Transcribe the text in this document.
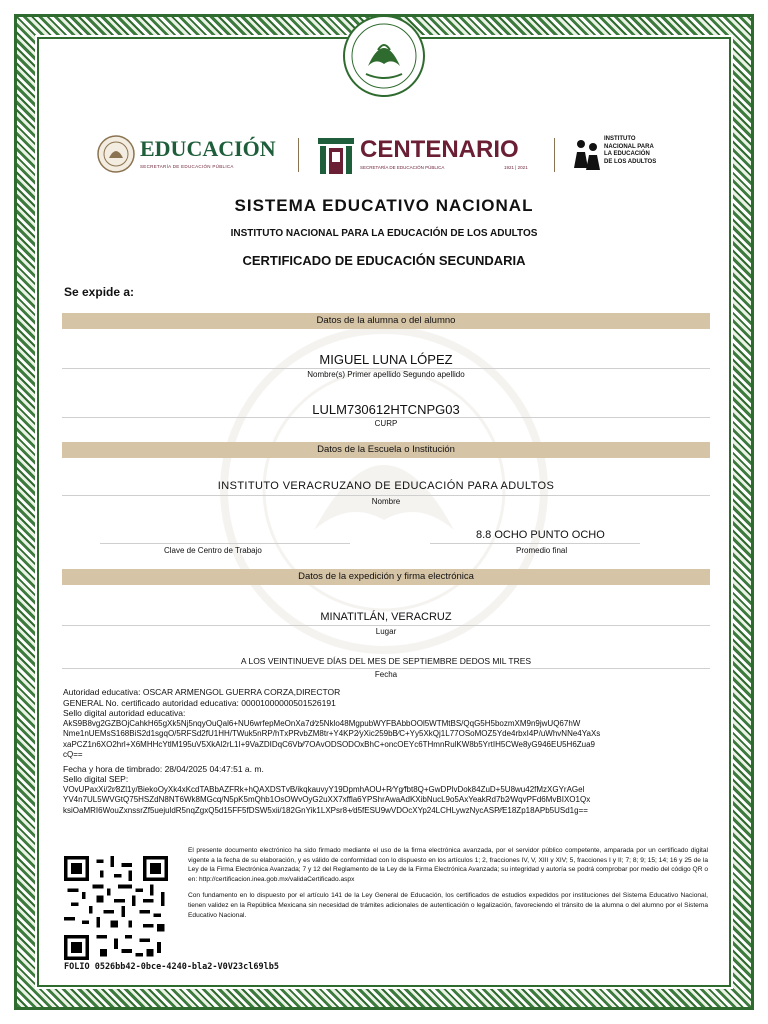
EDUCACIÓN
SECRETARÍA DE EDUCACIÓN PÚBLICA
CENTENARIO
SECRETARÍA DE EDUCACIÓN PÚBLICA	1921 | 2021
INSTITUTO
NACIONAL PARA
LA EDUCACIÓN
DE LOS ADULTOS
SISTEMA EDUCATIVO NACIONAL
INSTITUTO NACIONAL PARA LA EDUCACIÓN DE LOS ADULTOS
CERTIFICADO DE EDUCACIÓN SECUNDARIA
Se expide a:
Datos de la alumna o del alumno
MIGUEL LUNA LÓPEZ
Nombre(s) Primer apellido Segundo apellido
LULM730612HTCNPG03
CURP
Datos de la Escuela o Institución
INSTITUTO VERACRUZANO DE EDUCACIÓN PARA ADULTOS
Nombre
8.8 OCHO PUNTO OCHO
Clave de Centro de Trabajo	Promedio final
Datos de la expedición y firma electrónica
MINATITLÁN, VERACRUZ
Lugar
A LOS VEINTINUEVE DÍAS DEL MES DE SEPTIEMBRE DEDOS MIL TRES
Fecha
Autoridad educativa: OSCAR ARMENGOL GUERRA CORZA,DIRECTOR
GENERAL No. certificado autoridad educativa: 00001000000501526191
Sello digital autoridad educativa:
AkS9B8vg2GZBOjCahkH65gXk5Nj5nqyOuQal6+NU6wrfepMeOnXa7d⁄z5Nklo48MgpubWYFBAbbOOl5WTMtBS/QqG5H5bozmXM9n9jwUQ67hW
Nme1nUEMsS168BiS2d1sgqO/5RFSd2fU1HH/TWuk5nRP/hTxPRvbZM8tr+Y4KP2⁄yXic259bB⁄C+Yy5XkQj1L77OSoMOZ5Yde4rbxI4P/uWhvNNe4YaXs
xaPCZ1n6XO2hrl+X6MHHcYtlM195uV5XkAl2rL1I+9VaZDIDqC6Vb⁄⁄7OAvODSODOxBhC+oncOEYc6THmnRulKW8b5YrtIH5CWe8yG946EU5H6Zua9
cQ==
Fecha y hora de timbrado: 28/04/2025 04:47:51 a. m.
Sello digital SEP:
VOvUPaxXi/2r⁄8Zl1y/BiekoOyXk4xKcdTABbAZFRk+hQAXDSTvB/ikqkauvyY19DpmhAOU+R⁄Yg⁄fbt8Q+GwDPlvDok84ZuD+5U8wu42fMzXGYrAGel
YV4n7UL5WVGtQ75HSZdN8NT6Wk8MGcq/N5pK5mQhb1OsOWvOyG2uXX7xffla6YPShrAwaAdKXibNucL9o5AxYeakRd7b2⁄WqvPFd6MvBIXO1Qx
ksiOaMRI6WouZxnssrZf5uejuldR5nqZgxQ5d15FF5fDSW5xii/182GnYik1LXPsr8+⁄d5fESU9wVDOcXYp24LCHLywzNycASP⁄⁄E18Zp18APb5USd1g==
El presente documento electrónico ha sido firmado mediante el uso de la firma electrónica avanzada, por el servidor público competente, amparada por un certificado digital vigente a la fecha de su elaboración, y es válido de conformidad con lo dispuesto en los artículos 1; 2, fracciones IV, V, XIII y XIV; 5, fracciones I y II; 7; 8; 9; 15; 14; 16 y 25 de la Ley de la Firma Electrónica Avanzada; 7 y 12 del Reglamento de la Ley de la Firma Electrónica Avanzada; su integridad y autoría se podrá comprobar por medio del código QR o en: http://certificacion.inea.gob.mx/validaCertificado.aspx
Con fundamento en lo dispuesto por el artículo 141 de la Ley General de Educación, los certificados de estudios expedidos por instituciones del Sistema Educativo Nacional, tienen validez en la República Mexicana sin necesidad de trámites adicionales de autenticación o legalización, favoreciendo el tránsito de la alumna o del alumno por el Sistema Educativo Nacional.
FOLIO 0526bb42-0bce-4240-bla2-V0V23cl69lb5
